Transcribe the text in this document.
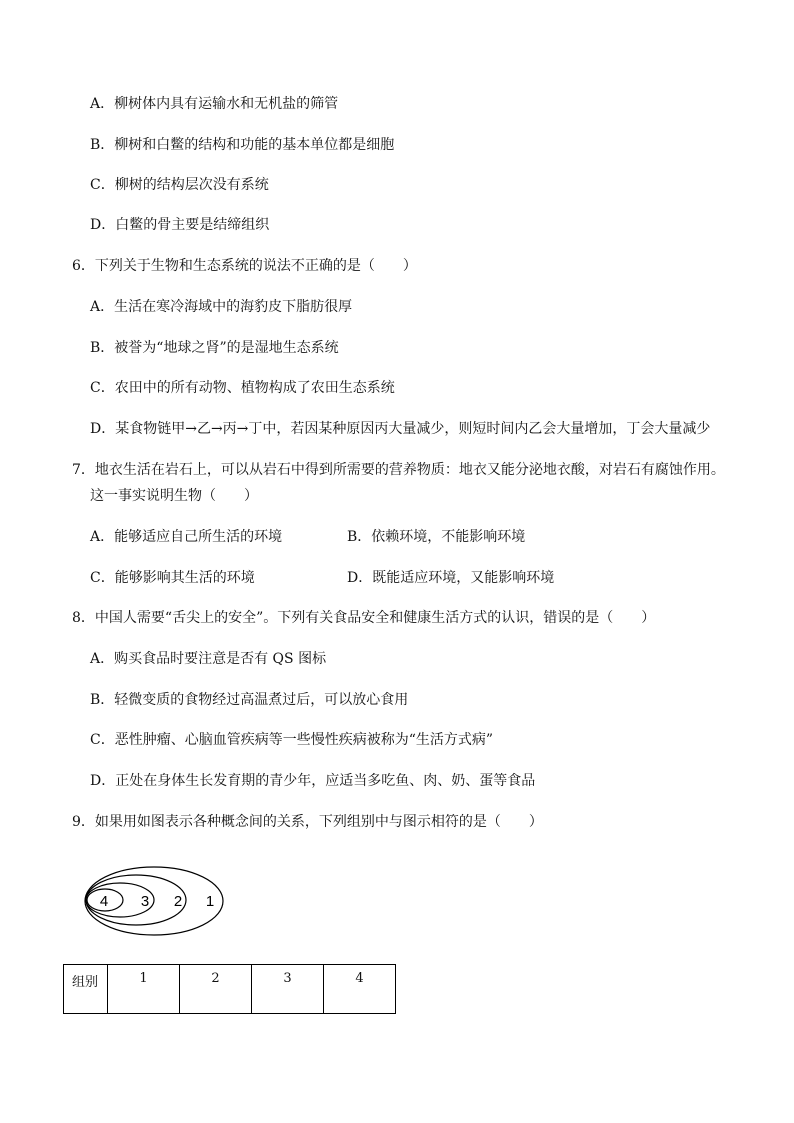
A．柳树体内具有运输水和无机盐的筛管
B．柳树和白鳖的结构和功能的基本单位都是细胞
C．柳树的结构层次没有系统
D．白鳖的骨主要是结缔组织
6．下列关于生物和生态系统的说法不正确的是（　　）
A．生活在寒冷海域中的海豹皮下脂肪很厚
B．被誉为“地球之肾”的是湿地生态系统
C．农田中的所有动物、植物构成了农田生态系统
D．某食物链甲→乙→丙→丁中，若因某种原因丙大量减少，则短时间内乙会大量增加，丁会大量减少
7．地衣生活在岩石上，可以从岩石中得到所需要的营养物质：地衣又能分泌地衣酸，对岩石有腐蚀作用。
这一事实说明生物（　　）
A．能够适应自己所生活的环境	B．依赖环境，不能影响环境
C．能够影响其生活的环境	D．既能适应环境，又能影响环境
8．中国人需要“舌尖上的安全”。下列有关食品安全和健康生活方式的认识，错误的是（　　）
A．购买食品时要注意是否有 QS 图标
B．轻微变质的食物经过高温煮过后，可以放心食用
C．恶性肿瘤、心脑血管疾病等一些慢性疾病被称为“生活方式病”
D．正处在身体生长发育期的青少年，应适当多吃鱼、肉、奶、蛋等食品
9．如果用如图表示各种概念间的关系，下列组别中与图示相符的是（　　）
4 3 2 1
组别	1	2	3	4
